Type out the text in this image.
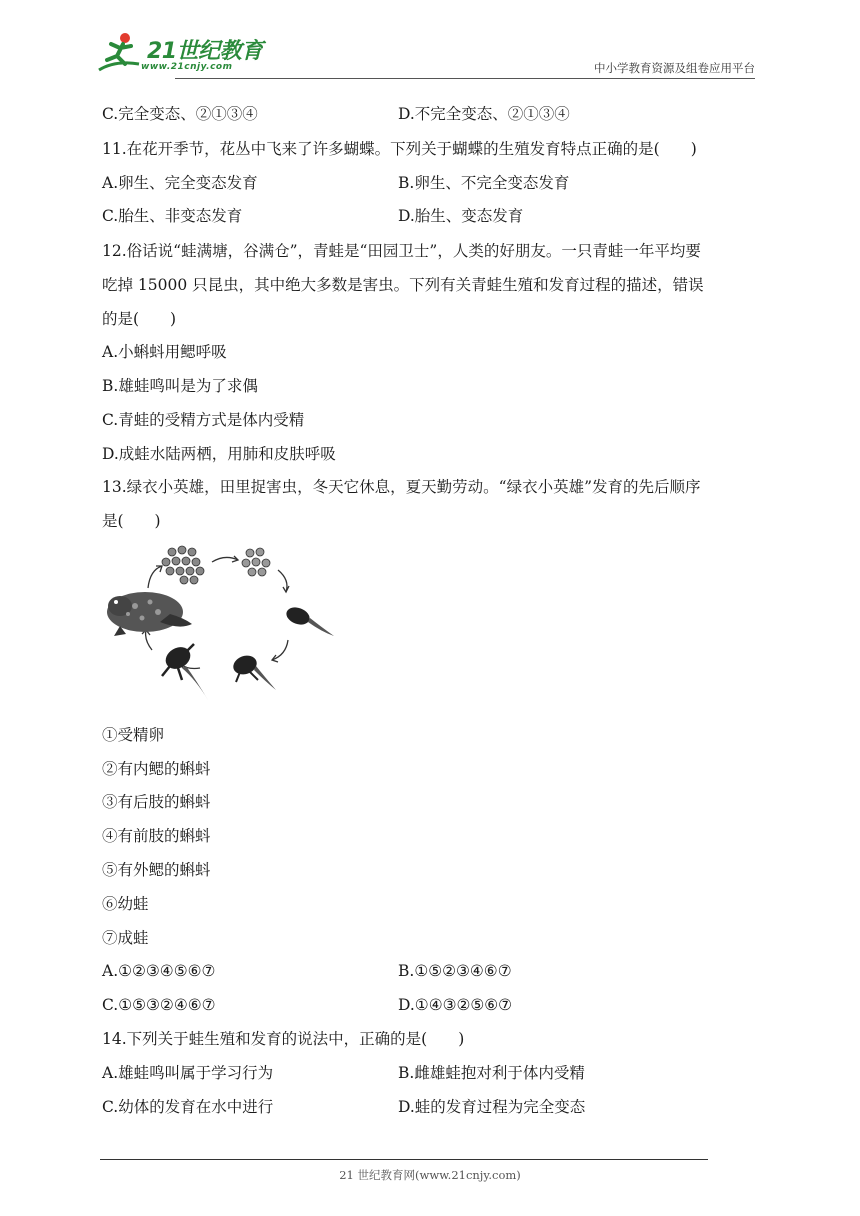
21世纪教育
www.21cnjy.com	中小学教育资源及组卷应用平台
C.完全变态、②①③④	D.不完全变态、②①③④
11.在花开季节，花丛中飞来了许多蝴蝶。下列关于蝴蝶的生殖发育特点正确的是(　　)
A.卵生、完全变态发育	B.卵生、不完全变态发育
C.胎生、非变态发育	D.胎生、变态发育
12.俗话说“蛙满塘，谷满仓”，青蛙是“田园卫士”，人类的好朋友。一只青蛙一年平均要
吃掉 15000 只昆虫，其中绝大多数是害虫。下列有关青蛙生殖和发育过程的描述，错误
的是(　　)
A.小蝌蚪用鳃呼吸
B.雄蛙鸣叫是为了求偶
C.青蛙的受精方式是体内受精
D.成蛙水陆两栖，用肺和皮肤呼吸
13.绿衣小英雄，田里捉害虫，冬天它休息，夏天勤劳动。“绿衣小英雄”发育的先后顺序
是(　　)
①受精卵
②有内鳃的蝌蚪
③有后肢的蝌蚪
④有前肢的蝌蚪
⑤有外鳃的蝌蚪
⑥幼蛙
⑦成蛙
A.①②③④⑤⑥⑦	B.①⑤②③④⑥⑦
C.①⑤③②④⑥⑦	D.①④③②⑤⑥⑦
14.下列关于蛙生殖和发育的说法中，正确的是(　　)
A.雄蛙鸣叫属于学习行为	B.雌雄蛙抱对利于体内受精
C.幼体的发育在水中进行	D.蛙的发育过程为完全变态
21 世纪教育网(www.21cnjy.com)
